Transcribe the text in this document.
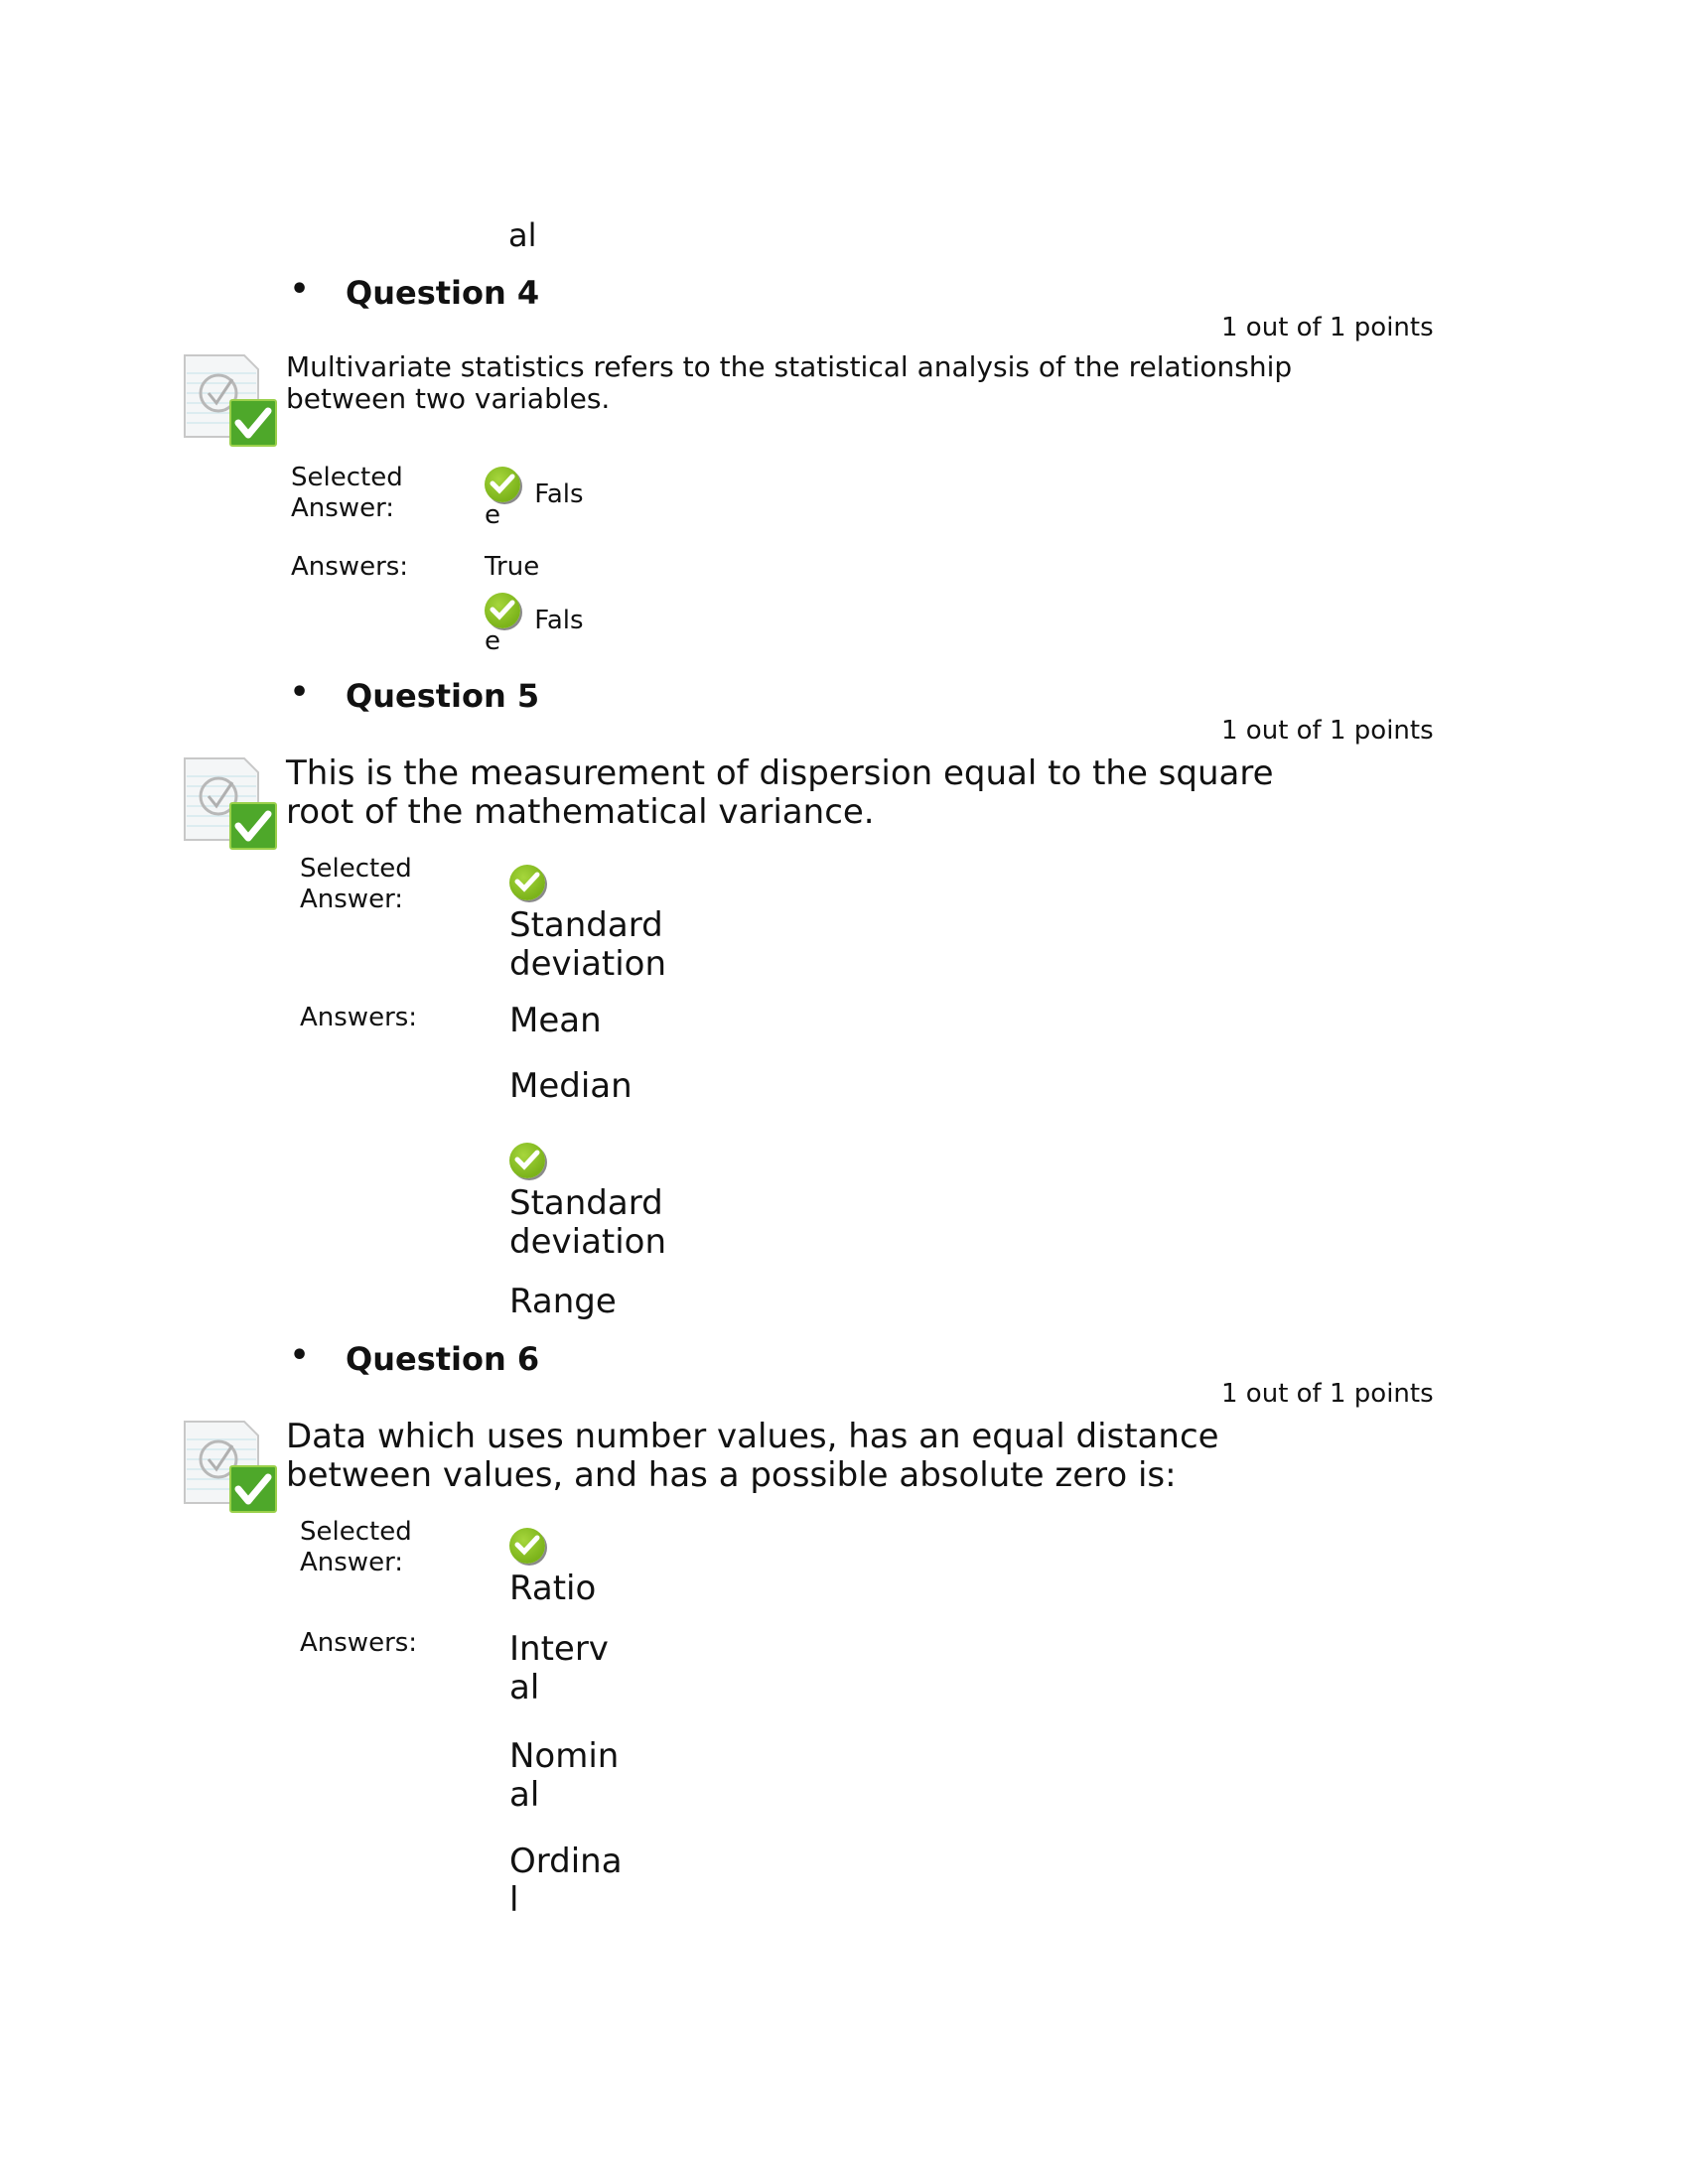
al
• Question 4
1 out of 1 points
Multivariate statistics refers to the statistical analysis of the relationship
between two variables.
Selected
Answer:	Fals
e
Answers:	True
Fals
e
• Question 5
1 out of 1 points
This is the measurement of dispersion equal to the square
root of the mathematical variance.
Selected
Answer:
Standard
deviation
Answers:	Mean
Median
Standard
deviation
Range
• Question 6
1 out of 1 points
Data which uses number values, has an equal distance
between values, and has a possible absolute zero is:
Selected
Answer:
Ratio
Answers:	Interv
al
Nomin
al
Ordina
l
